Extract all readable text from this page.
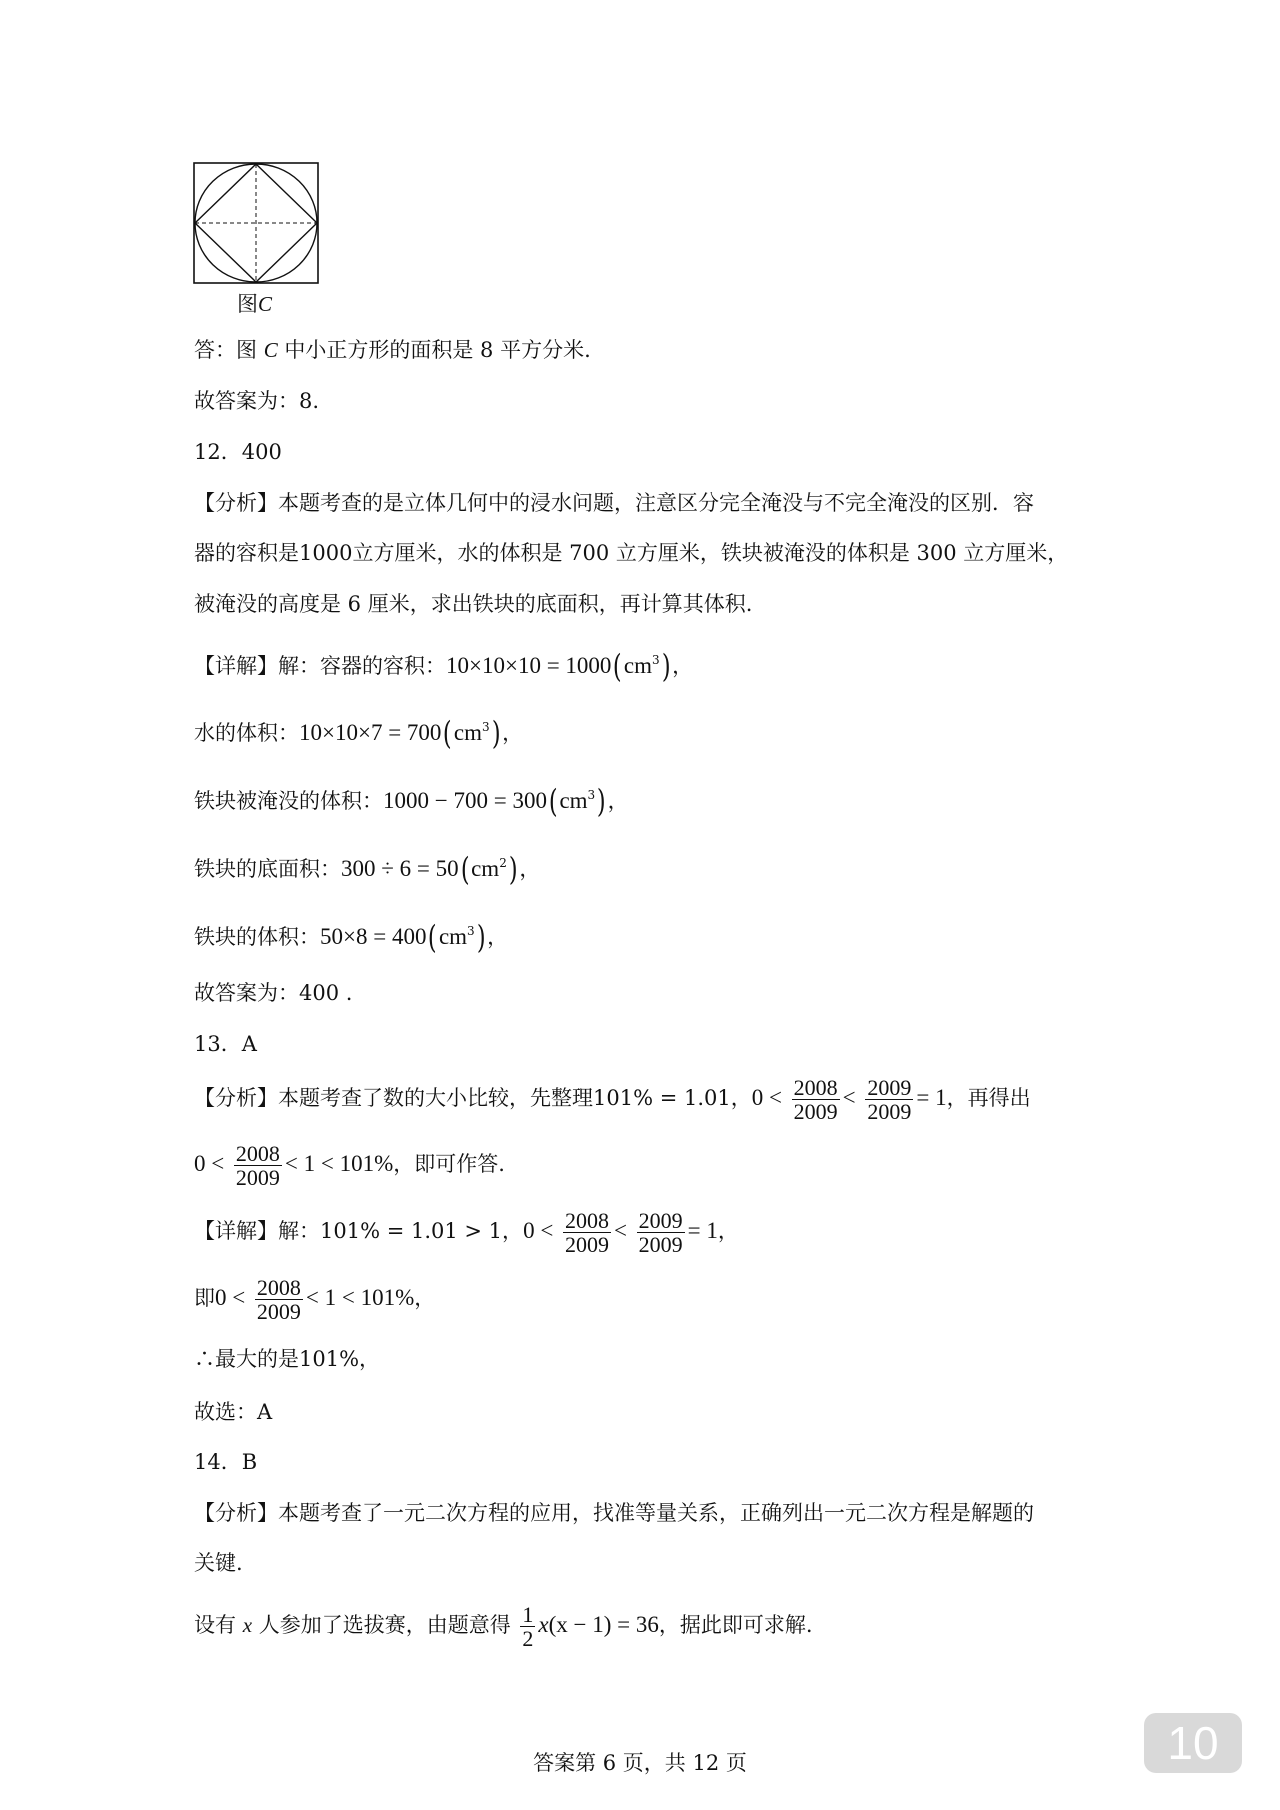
图C
答：图 C 中小正方形的面积是 8 平方分米.
故答案为：8.
12．400
【分析】本题考查的是立体几何中的浸水问题，注意区分完全淹没与不完全淹没的区别．容
器的容积是1000立方厘米，水的体积是 700 立方厘米，铁块被淹没的体积是 300 立方厘米，
被淹没的高度是 6 厘米，求出铁块的底面积，再计算其体积.
【详解】解：容器的容积：$10\times 10\times 10 = 1000(cm^3)$，
水的体积：$10\times 10\times 7 = 700(cm^3)$，
铁块被淹没的体积：$1000 - 700 = 300(cm^3)$，
铁块的底面积：$300 \div 6 = 50(cm^2)$，
铁块的体积：$50\times 8 = 400(cm^3)$，
故答案为：400 .
13．A
【分析】本题考查了数的大小比较，先整理101% = 1.01，$0 < \frac{2008}{2009} < \frac{2009}{2009} = 1$，再得出
$0 < \frac{2008}{2009} < 1 < 101\%$，即可作答.
【详解】解：101% = 1.01 > 1，$0 < \frac{2008}{2009} < \frac{2009}{2009} = 1$，
即$0 < \frac{2008}{2009} < 1 < 101\%$，
∴最大的是101%，
故选：A
14．B
【分析】本题考查了一元二次方程的应用，找准等量关系，正确列出一元二次方程是解题的
关键.
设有 x 人参加了选拔赛，由题意得 $\frac{1}{2} x(x - 1) = 36$，据此即可求解.
答案第 6 页，共 12 页	10
